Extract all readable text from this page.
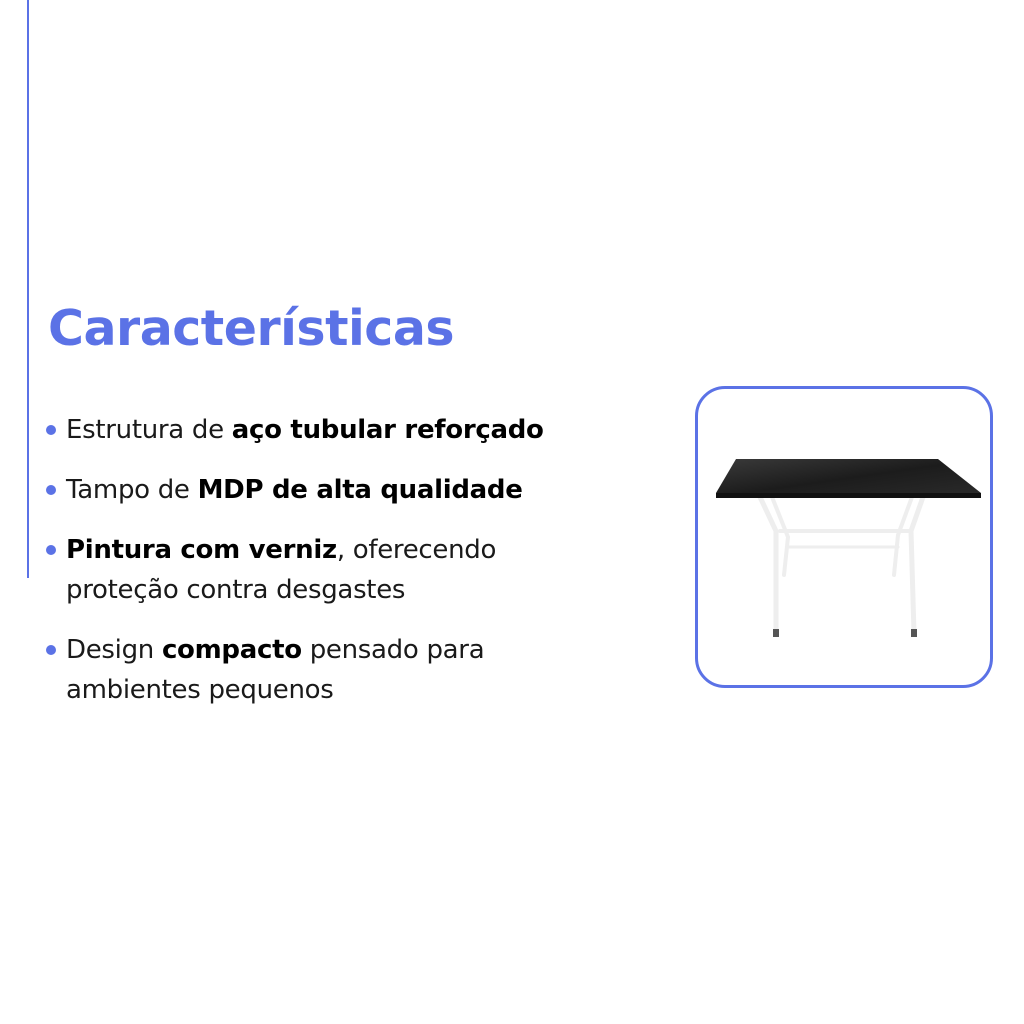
Características
Estrutura de aço tubular reforçado
Tampo de MDP de alta qualidade
Pintura com verniz, oferecendo proteção contra desgastes
Design compacto pensado para ambientes pequenos
